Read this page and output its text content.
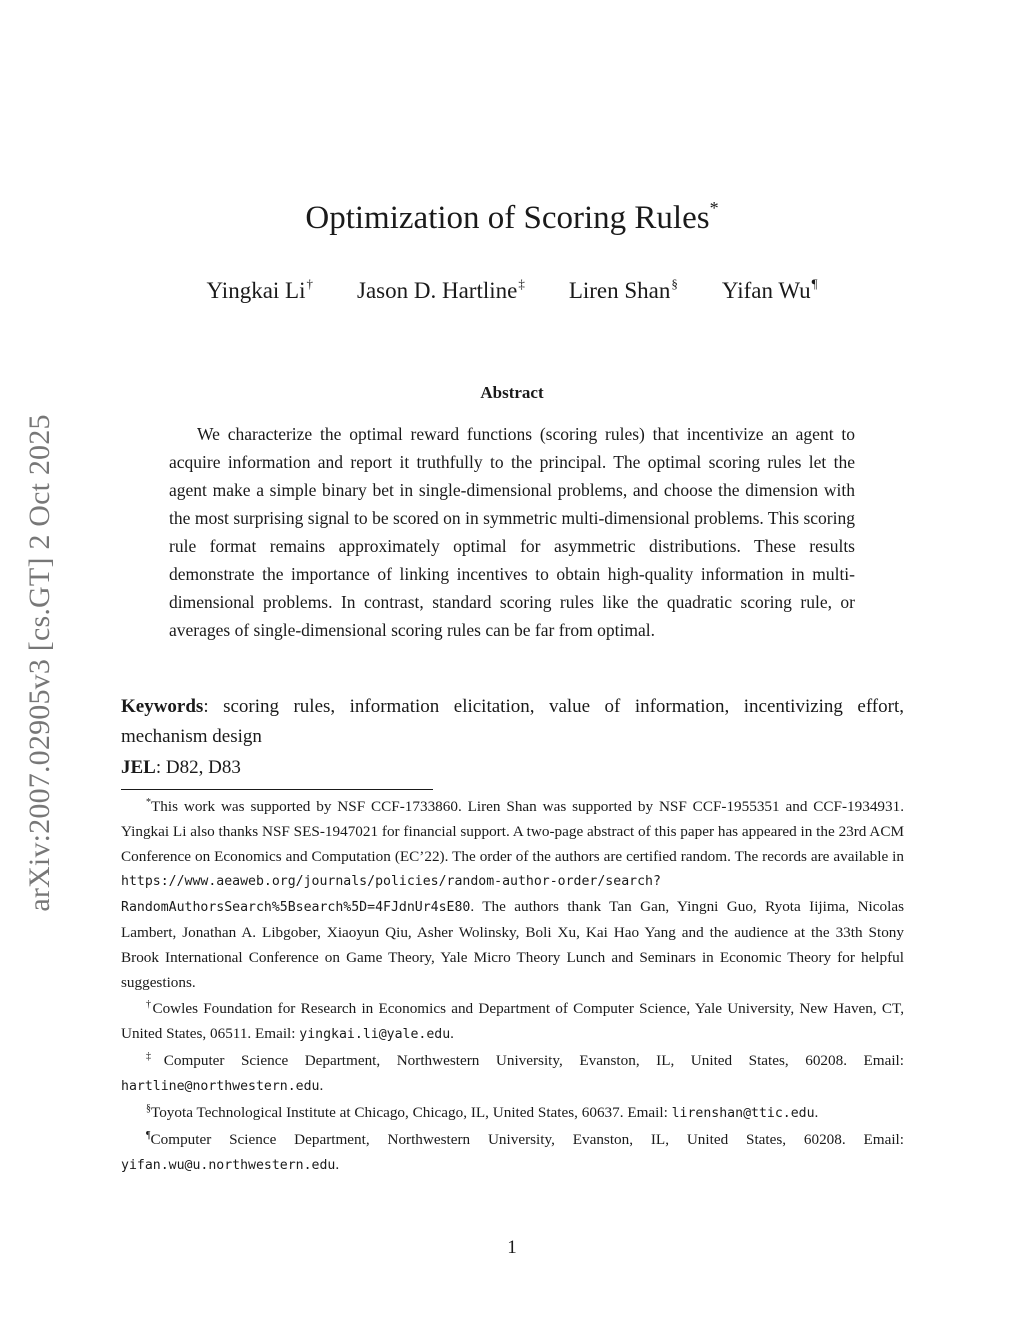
arXiv:2007.02905v3 [cs.GT] 2 Oct 2025
Optimization of Scoring Rules*
Yingkai Li† Jason D. Hartline‡ Liren Shan§ Yifan Wu¶
Abstract

We characterize the optimal reward functions (scoring rules) that incentivize an agent to acquire information and report it truthfully to the principal. The optimal scoring rules let the agent make a simple binary bet in single-dimensional problems, and choose the dimension with the most surprising signal to be scored on in symmetric multi-dimensional problems. This scoring rule format remains approximately optimal for asymmetric distributions. These results demonstrate the importance of linking incentives to obtain high-quality information in multi-dimensional problems. In contrast, standard scoring rules like the quadratic scoring rule, or averages of single-dimensional scoring rules can be far from optimal.

Keywords: scoring rules, information elicitation, value of information, incentivizing effort, mechanism design

JEL: D82, D83

*This work was supported by NSF CCF-1733860. Liren Shan was supported by NSF CCF-1955351 and CCF-1934931. Yingkai Li also thanks NSF SES-1947021 for financial support. A two-page abstract of this paper has appeared in the 23rd ACM Conference on Economics and Computation (EC’22). The order of the authors are certified random. The records are available in https://www.aeaweb.org/journals/policies/random-author-order/search?RandomAuthorsSearch%5Bsearch%5D=4FJdnUr4sE80. The authors thank Tan Gan, Yingni Guo, Ryota Iijima, Nicolas Lambert, Jonathan A. Libgober, Xiaoyun Qiu, Asher Wolinsky, Boli Xu, Kai Hao Yang and the audience at the 33th Stony Brook International Conference on Game Theory, Yale Micro Theory Lunch and Seminars in Economic Theory for helpful suggestions.

†Cowles Foundation for Research in Economics and Department of Computer Science, Yale University, New Haven, CT, United States, 06511. Email: yingkai.li@yale.edu.

‡Computer Science Department, Northwestern University, Evanston, IL, United States, 60208. Email: hartline@northwestern.edu.

§Toyota Technological Institute at Chicago, Chicago, IL, United States, 60637. Email: lirenshan@ttic.edu.

¶Computer Science Department, Northwestern University, Evanston, IL, United States, 60208. Email: yifan.wu@u.northwestern.edu.

1
